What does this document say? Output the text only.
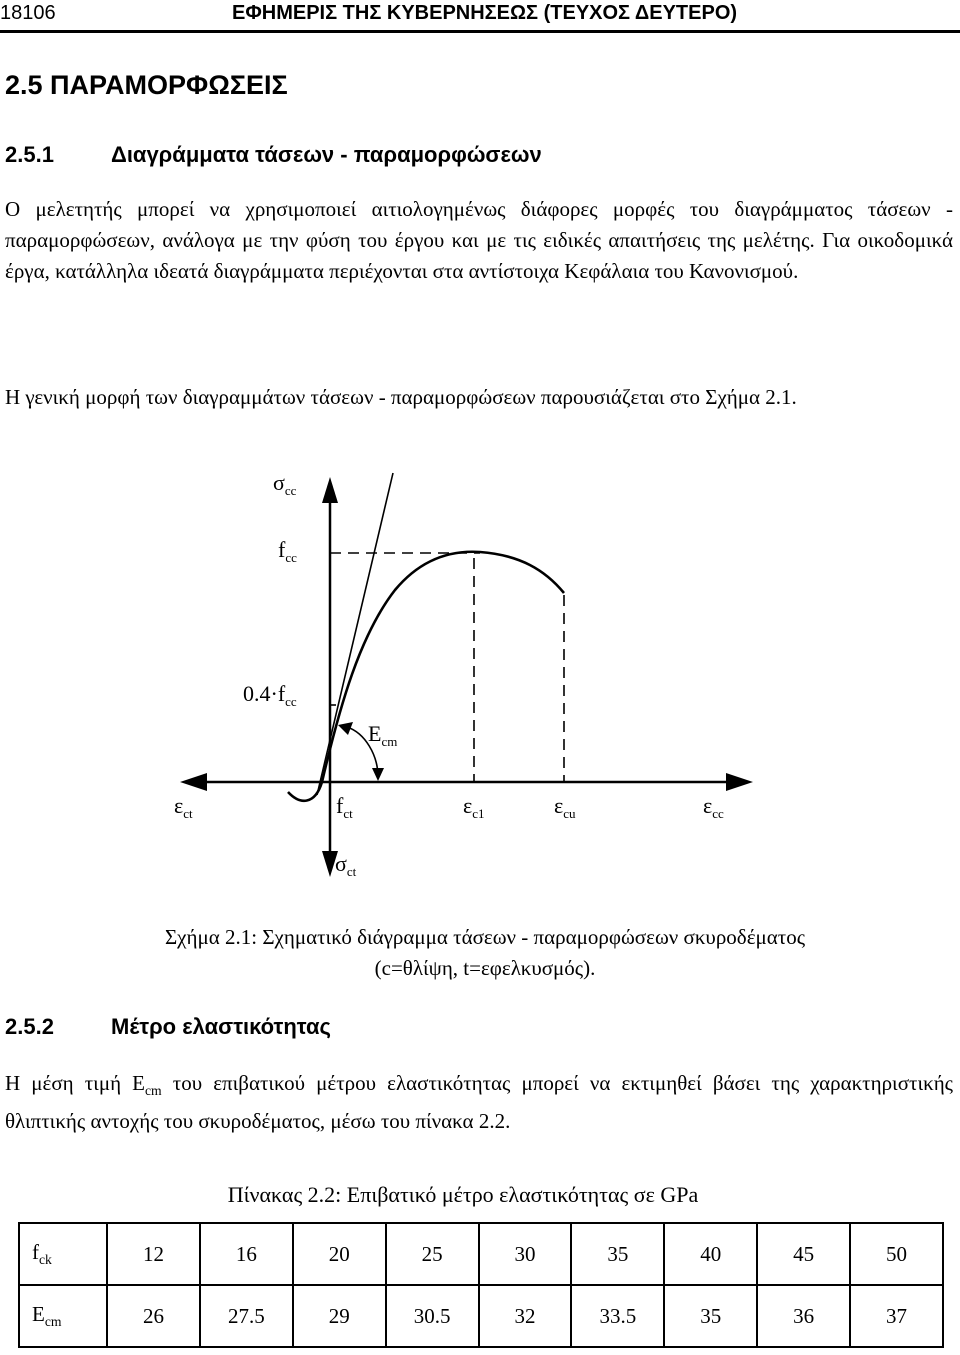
18106	ΕΦΗΜΕΡΙΣ ΤΗΣ ΚΥΒΕΡΝΗΣΕΩΣ (ΤΕΥΧΟΣ ΔΕΥΤΕΡΟ)
2.5 ΠΑΡΑΜΟΡΦΩΣΕΙΣ
2.5.1	Διαγράμματα τάσεων - παραμορφώσεων
Ο μελετητής μπορεί να χρησιμοποιεί αιτιολογημένως διάφορες μορφές του διαγράμματος τάσεων - παραμορφώσεων, ανάλογα με την φύση του έργου και με τις ειδικές απαιτήσεις της μελέτης. Για οικοδομικά έργα, κατάλληλα ιδεατά διαγράμματα περιέχονται στα αντίστοιχα Κεφάλαια του Κανονισμού.
Η γενική μορφή των διαγραμμάτων τάσεων - παραμορφώσεων παρουσιάζεται στο Σχήμα 2.1.
$\sigma_{cc}$
$f_{cc}$
$0.4\cdot f_{cc}$
$E_{cm}$
$\varepsilon_{ct}$	$f_{ct}$	$\varepsilon_{c1}$	$\varepsilon_{cu}$	$\varepsilon_{cc}$
$\sigma_{ct}$
Σχήμα 2.1: Σχηματικό διάγραμμα τάσεων - παραμορφώσεων σκυροδέματος
(c=θλίψη, t=εφελκυσμός).
2.5.2	Μέτρο ελαστικότητας
Η μέση τιμή $E_{cm}$ του επιβατικού μέτρου ελαστικότητας μπορεί να εκτιμηθεί βάσει της χαρακτηριστικής θλιπτικής αντοχής του σκυροδέματος, μέσω του πίνακα 2.2.
Πίνακας 2.2: Επιβατικό μέτρο ελαστικότητας σε GPa
$f_{ck}$	12	16	20	25	30	35	40	45	50
$E_{cm}$	26	27.5	29	30.5	32	33.5	35	36	37
